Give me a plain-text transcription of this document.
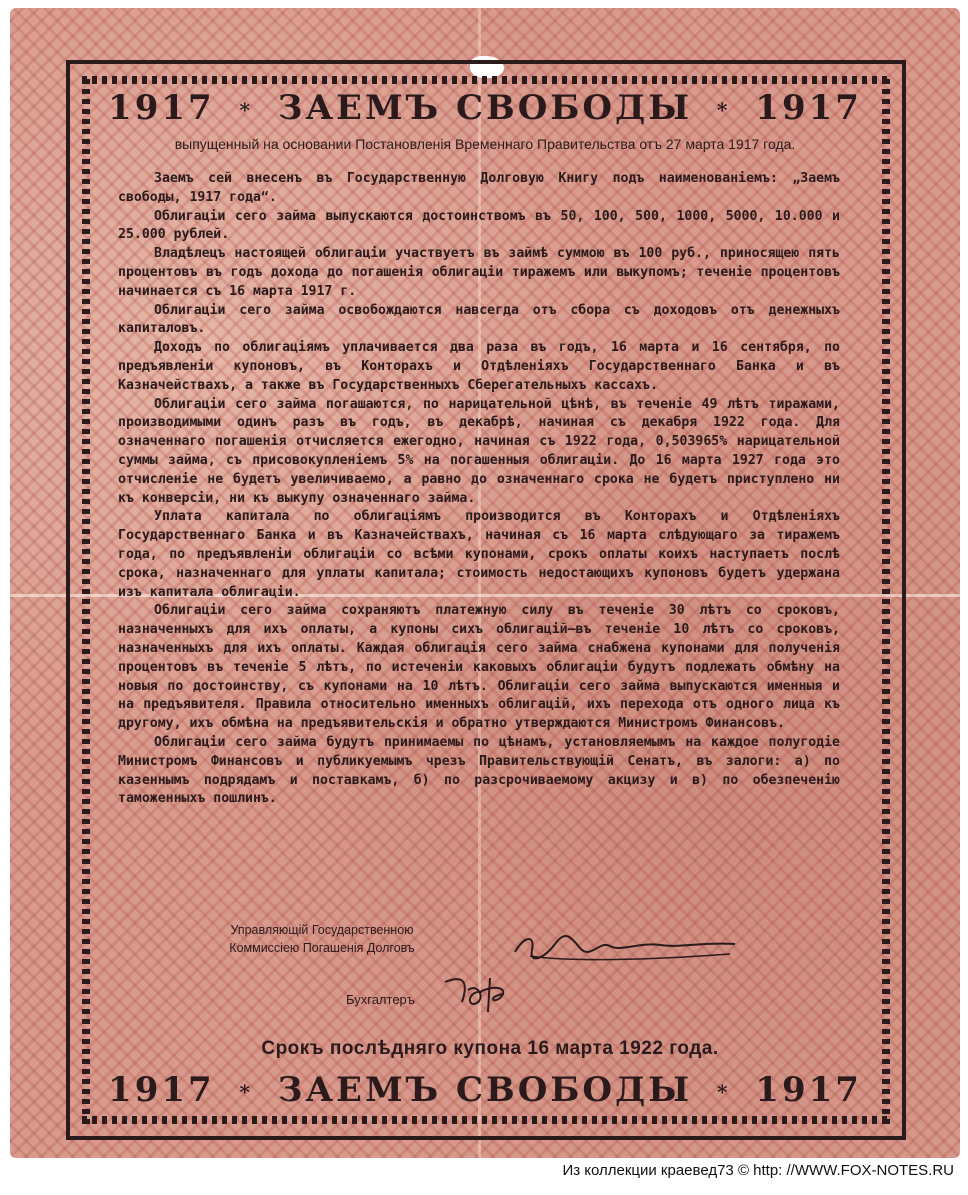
1917 * ЗАЕМЪ СВОБОДЫ * 1917
выпущенный на основании Постановленія Временнаго Правительства отъ 27 марта 1917 года.

Заемъ сей внесенъ въ Государственную Долговую Книгу подъ наименованіемъ: „Заемъ свободы, 1917 года“.

Облигаціи сего займа выпускаются достоинствомъ въ 50, 100, 500, 1000, 5000, 10.000 и 25.000 рублей.

Владѣлецъ настоящей облигаціи участвуетъ въ займѣ суммою въ 100 руб., приносящею пять процентовъ въ годъ дохода до погашенія облигаціи тиражемъ или выкупомъ; теченіе процентовъ начинается съ 16 марта 1917 г.

Облигаціи сего займа освобождаются навсегда отъ сбора съ доходовъ отъ денежныхъ капиталовъ.

Доходъ по облигаціямъ уплачивается два раза въ годъ, 16 марта и 16 сентября, по предъявленіи купоновъ, въ Конторахъ и Отдѣленіяхъ Государственнаго Банка и въ Казначействахъ, а также въ Государственныхъ Сберегательныхъ кассахъ.

Облигаціи сего займа погашаются, по нарицательной цѣнѣ, въ теченіе 49 лѣтъ тиражами, производимыми одинъ разъ въ годъ, въ декабрѣ, начиная съ декабря 1922 года. Для означеннаго погашенія отчисляется ежегодно, начиная съ 1922 года, 0,503965% нарицательной суммы займа, съ присовокупленіемъ 5% на погашенныя облигаціи. До 16 марта 1927 года это отчисленіе не будетъ увеличиваемо, а равно до означеннаго срока не будетъ приступлено ни къ конверсіи, ни къ выкупу означеннаго займа.

Уплата капитала по облигаціямъ производится въ Конторахъ и Отдѣленіяхъ Государственнаго Банка и въ Казначействахъ, начиная съ 16 марта слѣдующаго за тиражемъ года, по предъявленіи облигаціи со всѣми купонами, срокъ оплаты коихъ наступаетъ послѣ срока, назначеннаго для уплаты капитала; стоимость недостающихъ купоновъ будетъ удержана изъ капитала облигаціи.

Облигаціи сего займа сохраняютъ платежную силу въ теченіе 30 лѣтъ со сроковъ, назначенныхъ для ихъ оплаты, а купоны сихъ облигацій—въ теченіе 10 лѣтъ со сроковъ, назначенныхъ для ихъ оплаты. Каждая облигація сего займа снабжена купонами для полученія процентовъ въ теченіе 5 лѣтъ, по истеченіи каковыхъ облигаціи будутъ подлежать обмѣну на новыя по достоинству, съ купонами на 10 лѣтъ. Облигаціи сего займа выпускаются именныя и на предъявителя. Правила относительно именныхъ облигацій, ихъ перехода отъ одного лица къ другому, ихъ обмѣна на предъявительскія и обратно утверждаются Министромъ Финансовъ.

Облигаціи сего займа будутъ принимаемы по цѣнамъ, установляемымъ на каждое полугодіе Министромъ Финансовъ и публикуемымъ чрезъ Правительствующій Сенатъ, въ залоги: а) по казеннымъ подрядамъ и поставкамъ, б) по разсрочиваемому акцизу и в) по обезпеченію таможенныхъ пошлинъ.

Управляющій Государственною
Коммиссіею Погашенія Долговъ
Бухгалтеръ
Срокъ послѣдняго купона 16 марта 1922 года.
1917 * ЗАЕМЪ СВОБОДЫ * 1917
Из коллекции краевед73 © http: //WWW.FOX-NOTES.RU
